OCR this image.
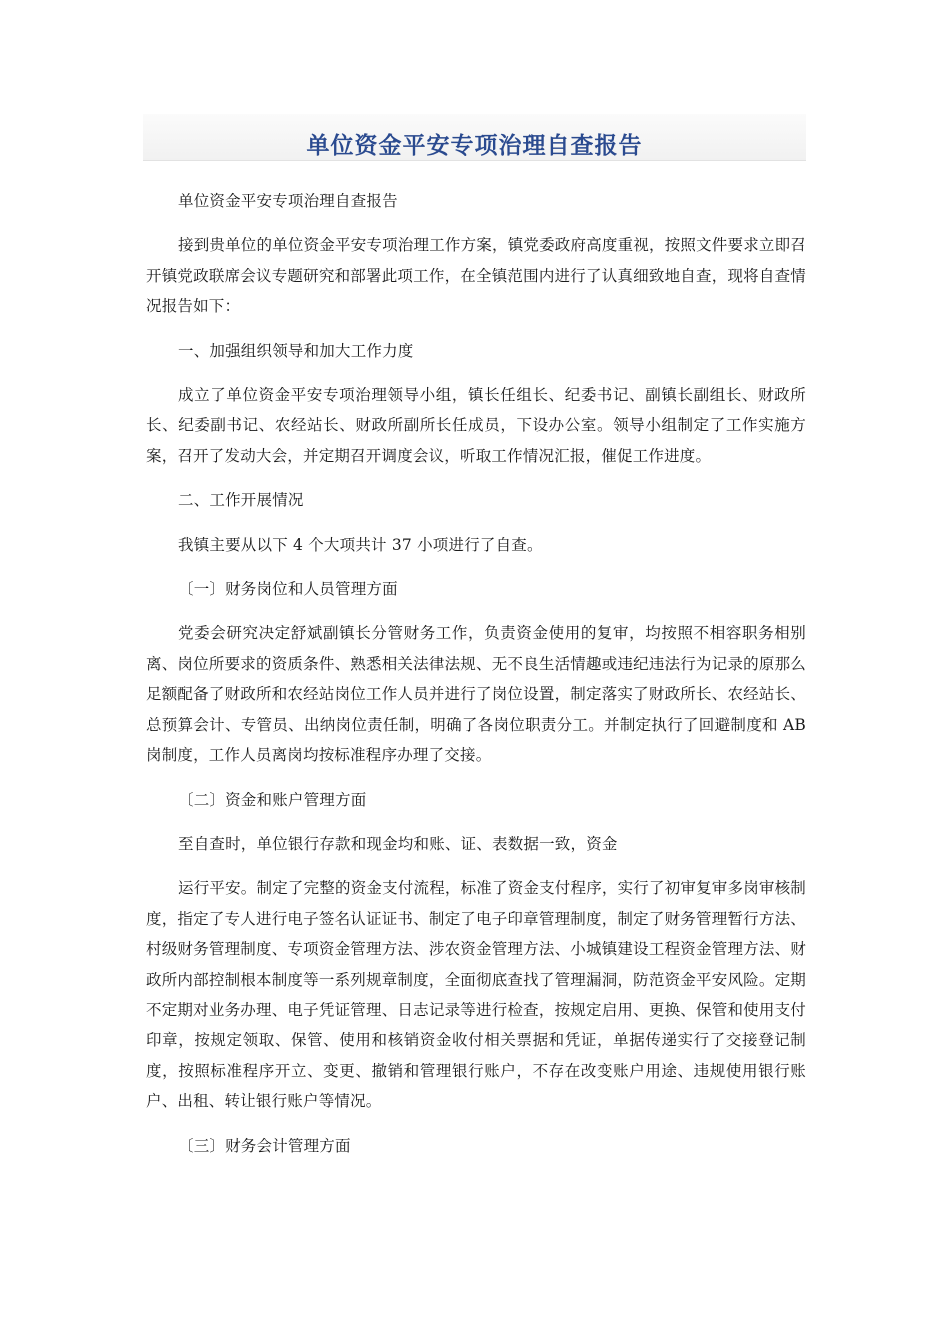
单位资金平安专项治理自查报告

单位资金平安专项治理自查报告

接到贵单位的单位资金平安专项治理工作方案，镇党委政府高度重视，按照文件要求立即召开镇党政联席会议专题研究和部署此项工作，在全镇范围内进行了认真细致地自查，现将自查情况报告如下：

一、加强组织领导和加大工作力度

成立了单位资金平安专项治理领导小组，镇长任组长、纪委书记、副镇长副组长、财政所长、纪委副书记、农经站长、财政所副所长任成员，下设办公室。领导小组制定了工作实施方案，召开了发动大会，并定期召开调度会议，听取工作情况汇报，催促工作进度。

二、工作开展情况

我镇主要从以下 4 个大项共计 37 小项进行了自查。

〔一〕财务岗位和人员管理方面

党委会研究决定舒斌副镇长分管财务工作，负责资金使用的复审，均按照不相容职务相别离、岗位所要求的资质条件、熟悉相关法律法规、无不良生活情趣或违纪违法行为记录的原那么足额配备了财政所和农经站岗位工作人员并进行了岗位设置，制定落实了财政所长、农经站长、总预算会计、专管员、出纳岗位责任制，明确了各岗位职责分工。并制定执行了回避制度和 AB 岗制度，工作人员离岗均按标准程序办理了交接。

〔二〕资金和账户管理方面

至自查时，单位银行存款和现金均和账、证、表数据一致，资金

运行平安。制定了完整的资金支付流程，标准了资金支付程序，实行了初审复审多岗审核制度，指定了专人进行电子签名认证证书、制定了电子印章管理制度，制定了财务管理暂行方法、村级财务管理制度、专项资金管理方法、涉农资金管理方法、小城镇建设工程资金管理方法、财政所内部控制根本制度等一系列规章制度，全面彻底查找了管理漏洞，防范资金平安风险。定期不定期对业务办理、电子凭证管理、日志记录等进行检查，按规定启用、更换、保管和使用支付印章，按规定领取、保管、使用和核销资金收付相关票据和凭证，单据传递实行了交接登记制度，按照标准程序开立、变更、撤销和管理银行账户，不存在改变账户用途、违规使用银行账户、出租、转让银行账户等情况。

〔三〕财务会计管理方面
